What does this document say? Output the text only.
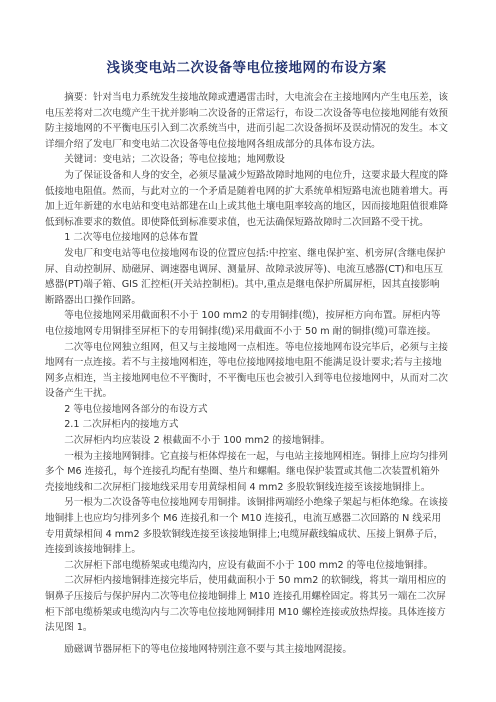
浅谈变电站二次设备等电位接地网的布设方案

摘要：针对当电力系统发生接地故障或遭遇雷击时，大电流会在主接地网内产生电压差，该电压差将对二次电缆产生干扰并影响二次设备的正常运行，布设二次设备等电位接地网能有效预防主接地网的不平衡电压引入到二次系统当中，进而引起二次设备损坏及误动情况的发生。本文详细介绍了发电厂和变电站二次设备等电位接地网各组成部分的具体布设方法。

关键词：变电站；二次设备；等电位接地；地网敷设

为了保证设备和人身的安全，必须尽量减少短路故障时地网的电位升，这要求最大程度的降低接地电阻值。然而，与此对立的一个矛盾是随着电网的扩大系统单相短路电流也随着增大。再加上近年新建的水电站和变电站都建在山上或其他土壤电阻率较高的地区，因而接地阻值很难降低到标准要求的数值。即使降低到标准要求值，也无法确保短路故障时二次回路不受干扰。

1 二次等电位接地网的总体布置

发电厂和变电站等电位接地网布设的位置应包括:中控室、继电保护室、机旁屏(含继电保护屏、自动控制屏、励磁屏、调速器电调屏、测量屏、故障录波屏等)、电流互感器(CT)和电压互感器(PT)端子箱、GIS 汇控柜(开关站控制柜)。其中,重点是继电保护所属屏柜，因其直接影响断路器出口操作回路。

等电位接地网采用截面积不小于 100 mm2 的专用铜排(缆)，按屏柜方向布置。屏柜内等电位接地网专用铜排至屏柜下的专用铜排(缆)采用截面不小于 50 m 耐的铜排(缆)可靠连接。

二次等电位网独立组网，但又与主接地网一点相连。等电位接地网布设完毕后，必须与主接地网有一点连接。若不与主接地网相连，等电位接地网接地电阻不能满足设计要求;若与主接地网多点相连，当主接地网电位不平衡时，不平衡电压也会被引入到等电位接地网中，从而对二次设备产生干扰。

2 等电位接地网各部分的布设方式

2.1 二次屏柜内的接地方式

二次屏柜内均应装设 2 根截面不小于 100 mm2 的接地铜排。

一根为主接地网铜排。它直接与柜体焊接在一起，与电站主接地网相连。铜排上应均匀排列多个 M6 连接孔，每个连接孔均配有垫圈、垫片和螺帽。继电保护装置或其他二次装置机箱外壳接地线和二次屏柜门接地线采用专用黄绿相间 4 mm2 多股软铜线连接至该接地铜排上。

另一根为二次设备等电位接地网专用铜排。该铜排两端经小绝缘子架起与柜体绝缘。在该接地铜排上也应均匀排列多个 M6 连接孔和一个 M10 连接孔，电流互感器二次回路的 N 线采用专用黄绿相间 4 mm2 多股软铜线连接至该接地铜排上;电缆屏蔽线编成状、压接上铜鼻子后，连接到该接地铜排上。

二次屏柜下部电缆桥架或电缆沟内，应设有截面不小于 100 mm2 的等电位接地铜排。

二次屏柜内接地铜排连接完毕后，使用截面积小于 50 mm2 的软铜线，将其一端用相应的铜鼻子压接后与保护屏内二次等电位接地铜排上 M10 连接孔用螺栓固定。将其另一端在二次屏柜下部电缆桥架或电缆沟内与二次等电位接地网铜排用 M10 螺栓连接或放热焊接。具体连接方法见图 1。

励磁调节器屏柜下的等电位接地网特别注意不要与其主接地网混接。
